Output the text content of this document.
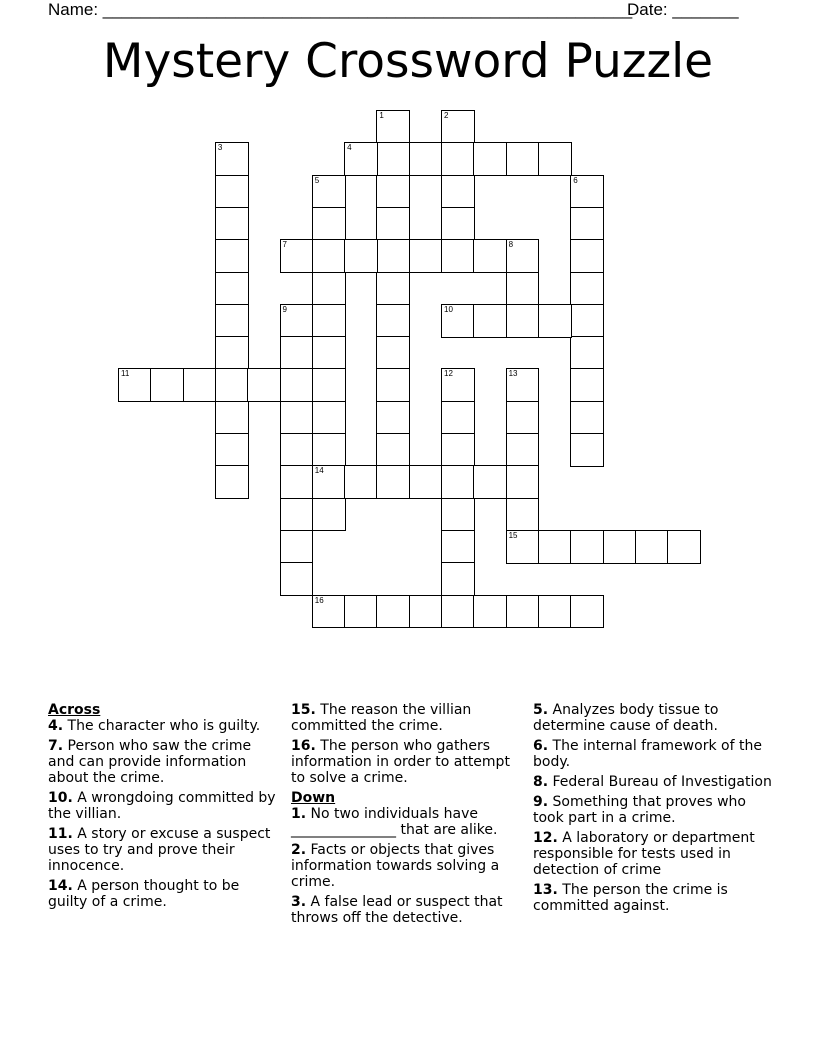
Name: ________________________________________________________
Date: _______
Mystery Crossword Puzzle
1	2
3	4
5
14
6
7	8
9	10
11	12	13
15
16
Across
4. The character who is guilty.
7. Person who saw the crime and can provide information about the crime.
10. A wrongdoing committed by the villian.
11. A story or excuse a suspect uses to try and prove their innocence.
14. A person thought to be guilty of a crime.
15. The reason the villian committed the crime.
16. The person who gathers information in order to attempt to solve a crime.
Down
1. No two individuals have _______________ that are alike.
2. Facts or objects that gives information towards solving a crime.
3. A false lead or suspect that throws off the detective.
5. Analyzes body tissue to determine cause of death.
6. The internal framework of the body.
8. Federal Bureau of Investigation
9. Something that proves who took part in a crime.
12. A laboratory or department responsible for tests used in detection of crime
13. The person the crime is committed against.
